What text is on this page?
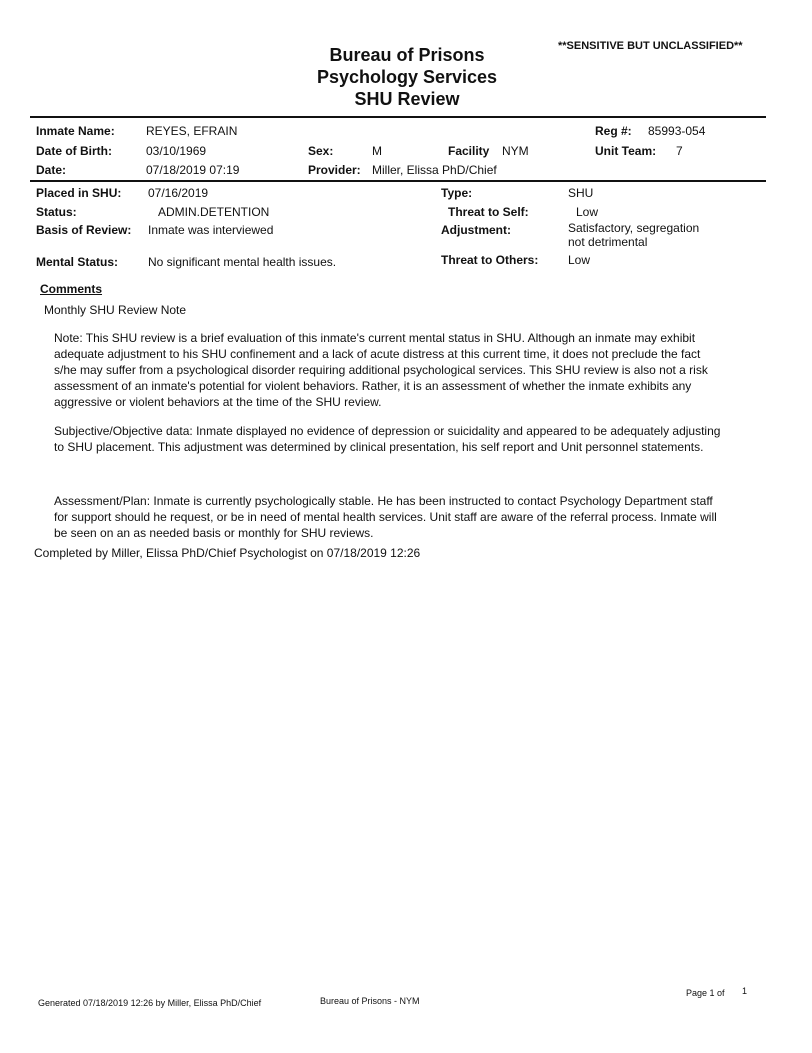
Bureau of Prisons
Psychology Services
SHU Review
**SENSITIVE BUT UNCLASSIFIED**
Inmate Name:	REYES, EFRAIN
Date of Birth:	03/10/1969
Date:	07/18/2019 07:19
Sex:	M
Provider: Miller, Elissa PhD/Chief
Facility NYM
Reg #: 85993-054
Unit Team: 7
Placed in SHU: 07/16/2019
Status:	ADMIN.DETENTION
Basis of Review: Inmate was interviewed
Mental Status: No significant mental health issues.
Type:	SHU
Threat to Self:	Low
Adjustment:	Satisfactory, segregation
not detrimental
Threat to Others: Low
Comments
Monthly SHU Review Note
Note: This SHU review is a brief evaluation of this inmate's current mental status in SHU. Although an inmate may exhibit adequate adjustment to his SHU confinement and a lack of acute distress at this current time, it does not preclude the fact s/he may suffer from a psychological disorder requiring additional psychological services. This SHU review is also not a risk assessment of an inmate's potential for violent behaviors. Rather, it is an assessment of whether the inmate exhibits any aggressive or violent behaviors at the time of the SHU review.
Subjective/Objective data: Inmate displayed no evidence of depression or suicidality and appeared to be adequately adjusting to SHU placement. This adjustment was determined by clinical presentation, his self report and Unit personnel statements.
Assessment/Plan: Inmate is currently psychologically stable. He has been instructed to contact Psychology Department staff for support should he request, or be in need of mental health services. Unit staff are aware of the referral process. Inmate will be seen on an as needed basis or monthly for SHU reviews.
Completed by Miller, Elissa PhD/Chief Psychologist on 07/18/2019 12:26
Generated 07/18/2019 12:26 by Miller, Elissa PhD/Chief	Bureau of Prisons - NYM
Page 1 of 1
